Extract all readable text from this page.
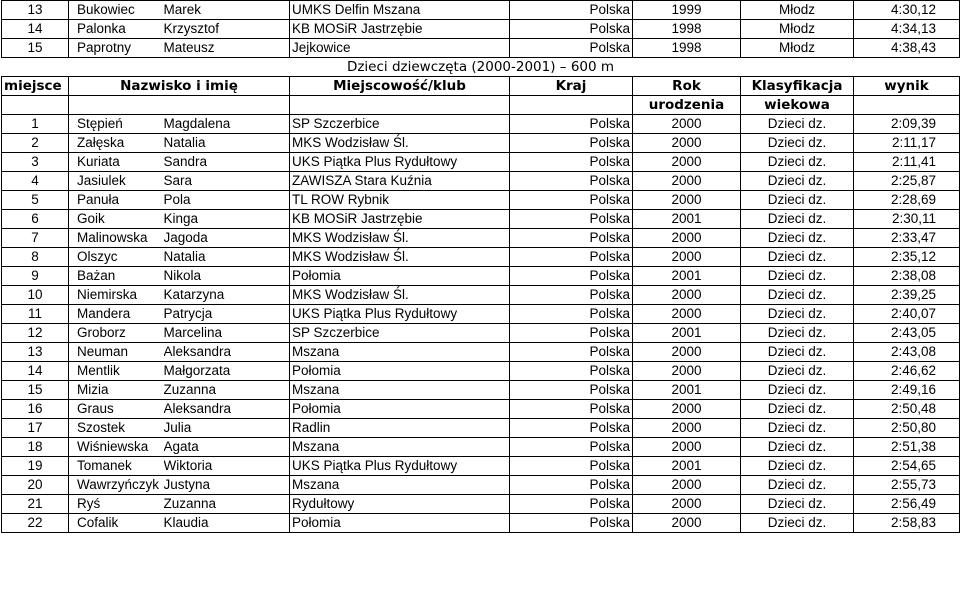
13	Bukowiec	Marek	UMKS Delfin Mszana	Polska	1999	Młodz	4:30,12
14	Palonka	Krzysztof	KB MOSiR Jastrzębie	Polska	1998	Młodz	4:34,13
15	Paprotny	Mateusz	Jejkowice	Polska	1998	Młodz	4:38,43
Dzieci dziewczęta (2000-2001) – 600 m							
miejsce	Nazwisko i imię		Miejscowość/klub	Kraj	Rok	Klasyfikacja	wynik
					urodzenia	wiekowa	
1	Stępień	Magdalena	SP Szczerbice	Polska	2000	Dzieci dz.	2:09,39
2	Załęska	Natalia	MKS Wodzisław Śl.	Polska	2000	Dzieci dz.	2:11,17
3	Kuriata	Sandra	UKS Piątka Plus Rydułtowy	Polska	2000	Dzieci dz.	2:11,41
4	Jasiulek	Sara	ZAWISZA Stara Kuźnia	Polska	2000	Dzieci dz.	2:25,87
5	Panuła	Pola	TL ROW Rybnik	Polska	2000	Dzieci dz.	2:28,69
6	Goik	Kinga	KB MOSiR Jastrzębie	Polska	2001	Dzieci dz.	2:30,11
7	Malinowska	Jagoda	MKS Wodzisław Śl.	Polska	2000	Dzieci dz.	2:33,47
8	Olszyc	Natalia	MKS Wodzisław Śl.	Polska	2000	Dzieci dz.	2:35,12
9	Bażan	Nikola	Połomia	Polska	2001	Dzieci dz.	2:38,08
10	Niemirska	Katarzyna	MKS Wodzisław Śl.	Polska	2000	Dzieci dz.	2:39,25
11	Mandera	Patrycja	UKS Piątka Plus Rydułtowy	Polska	2000	Dzieci dz.	2:40,07
12	Groborz	Marcelina	SP Szczerbice	Polska	2001	Dzieci dz.	2:43,05
13	Neuman	Aleksandra	Mszana	Polska	2000	Dzieci dz.	2:43,08
14	Mentlik	Małgorzata	Połomia	Polska	2000	Dzieci dz.	2:46,62
15	Mizia	Zuzanna	Mszana	Polska	2001	Dzieci dz.	2:49,16
16	Graus	Aleksandra	Połomia	Polska	2000	Dzieci dz.	2:50,48
17	Szostek	Julia	Radlin	Polska	2000	Dzieci dz.	2:50,80
18	Wiśniewska	Agata	Mszana	Polska	2000	Dzieci dz.	2:51,38
19	Tomanek	Wiktoria	UKS Piątka Plus Rydułtowy	Polska	2001	Dzieci dz.	2:54,65
20	Wawrzyńczyk	Justyna	Mszana	Polska	2000	Dzieci dz.	2:55,73
21	Ryś	Zuzanna	Rydułtowy	Polska	2000	Dzieci dz.	2:56,49
22	Cofalik	Klaudia	Połomia	Polska	2000	Dzieci dz.	2:58,83
